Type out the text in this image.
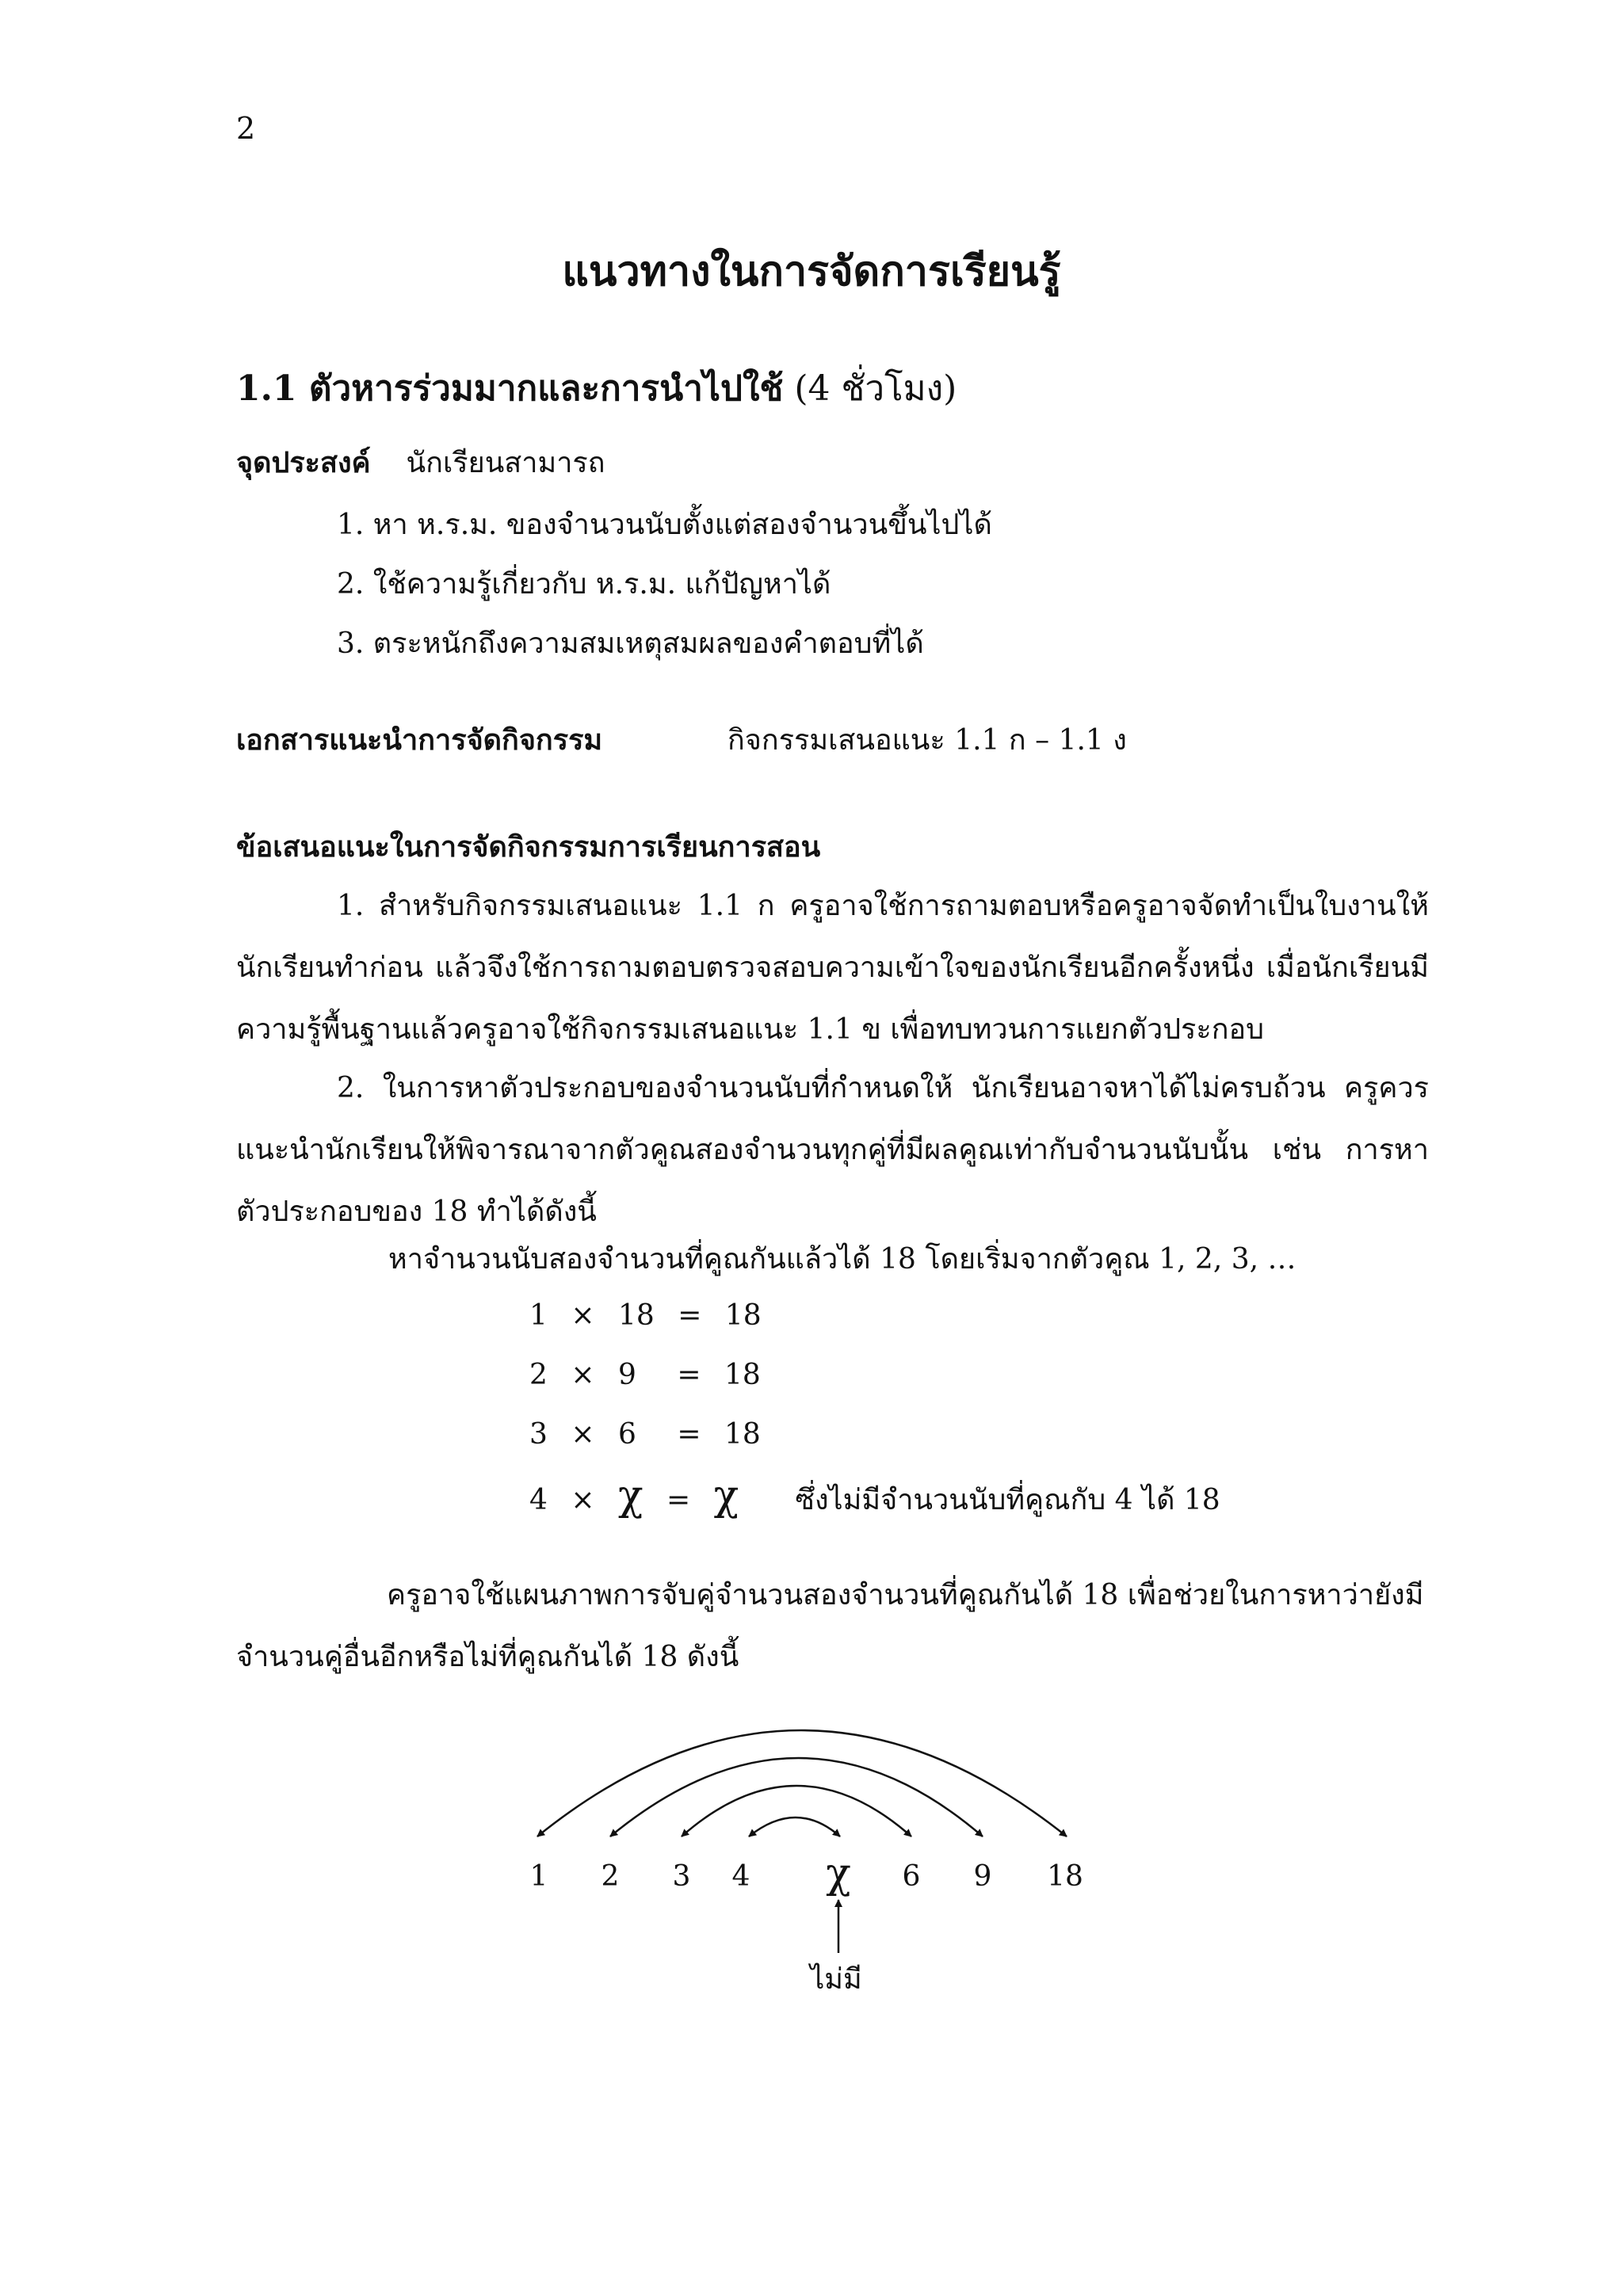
2
แนวทางในการจัดการเรียนรู้
1.1 ตัวหารร่วมมากและการนำไปใช้ (4 ชั่วโมง)
จุดประสงค์ นักเรียนสามารถ
1. หา ห.ร.ม. ของจำนวนนับตั้งแต่สองจำนวนขึ้นไปได้
2. ใช้ความรู้เกี่ยวกับ ห.ร.ม. แก้ปัญหาได้
3. ตระหนักถึงความสมเหตุสมผลของคำตอบที่ได้
เอกสารแนะนำการจัดกิจกรรม	กิจกรรมเสนอแนะ 1.1 ก – 1.1 ง
ข้อเสนอแนะในการจัดกิจกรรมการเรียนการสอน
1. สำหรับกิจกรรมเสนอแนะ 1.1 ก ครูอาจใช้การถามตอบหรือครูอาจจัดทำเป็นใบงานให้
นักเรียนทำก่อน แล้วจึงใช้การถามตอบตรวจสอบความเข้าใจของนักเรียนอีกครั้งหนึ่ง เมื่อนักเรียนมี
ความรู้พื้นฐานแล้วครูอาจใช้กิจกรรมเสนอแนะ 1.1 ข เพื่อทบทวนการแยกตัวประกอบ
2. ในการหาตัวประกอบของจำนวนนับที่กำหนดให้ นักเรียนอาจหาได้ไม่ครบถ้วน ครูควร
แนะนำนักเรียนให้พิจารณาจากตัวคูณสองจำนวนทุกคู่ที่มีผลคูณเท่ากับจำนวนนับนั้น เช่น การหา
ตัวประกอบของ 18 ทำได้ดังนี้
หาจำนวนนับสองจำนวนที่คูณกันแล้วได้ 18 โดยเริ่มจากตัวคูณ 1, 2, 3, …
1 × 18 = 18
2 × 9 = 18
3 × 6 = 18
4 × χ = χ ซึ่งไม่มีจำนวนนับที่คูณกับ 4 ได้ 18
ครูอาจใช้แผนภาพการจับคู่จำนวนสองจำนวนที่คูณกันได้ 18 เพื่อช่วยในการหาว่ายังมี
จำนวนคู่อื่นอีกหรือไม่ที่คูณกันได้ 18 ดังนี้
1 2 3 4 χ 6 9 18
ไม่มี
